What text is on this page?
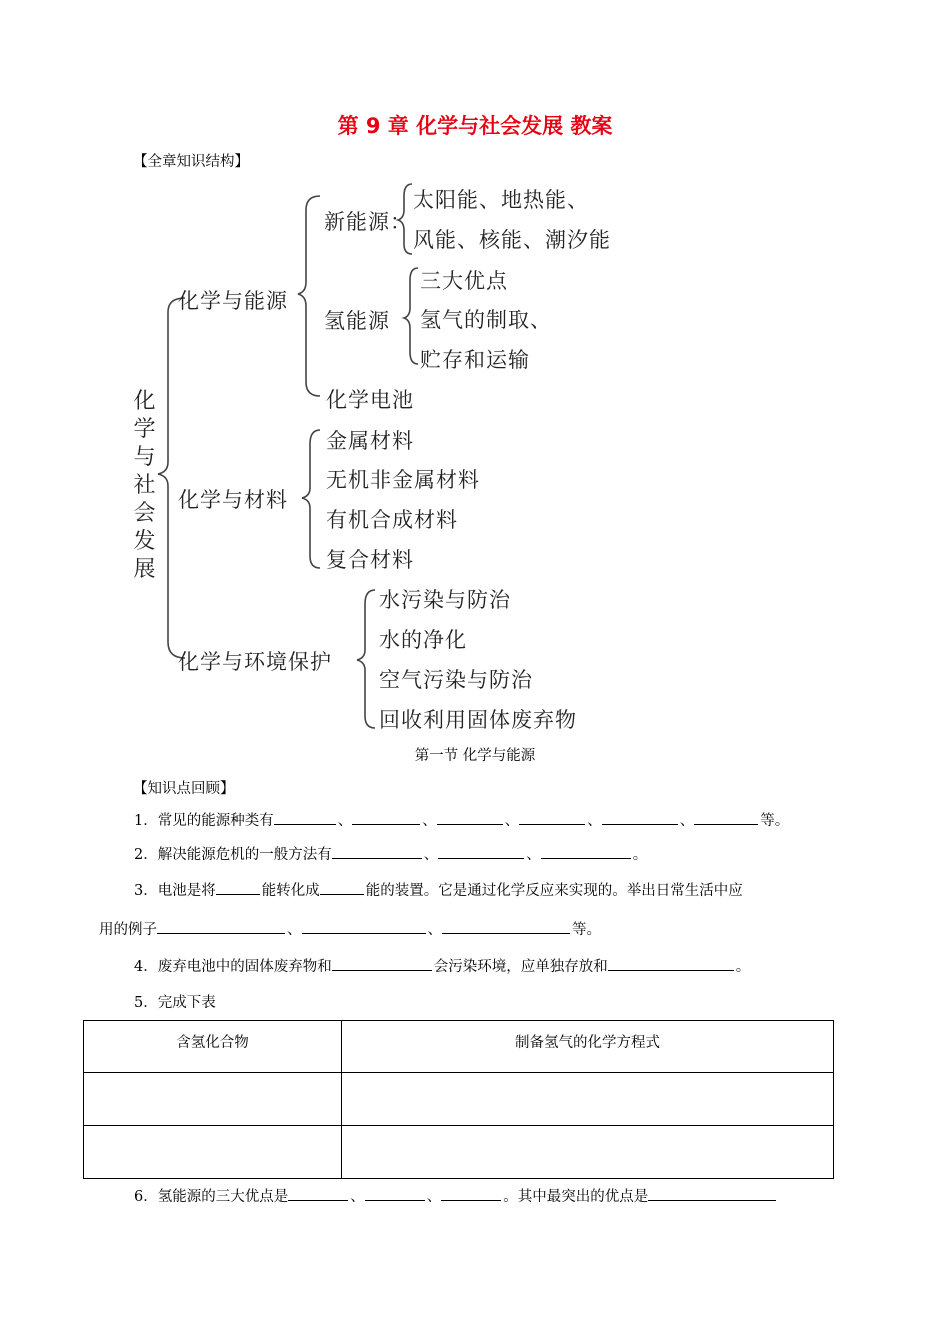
第 9 章 化学与社会发展 教案
【全章知识结构】
化学与社会发展
化学与能源
新能源：
太阳能、地热能、
风能、核能、潮汐能
氢能源
三大优点
氢气的制取、
贮存和运输
化学电池
化学与材料
金属材料
无机非金属材料
有机合成材料
复合材料
化学与环境保护
水污染与防治
水的净化
空气污染与防治
回收利用固体废弃物
第一节 化学与能源
【知识点回顾】
1．常见的能源种类有	、	、	、	、	、	等。
2．解决能源危机的一般方法有	、	、	。
3．电池是将	能转化成	能的装置。它是通过化学反应来实现的。举出日常生活中应
用的例子	、	、	等。
4．废弃电池中的固体废弃物和	会污染环境，应单独存放和	。
5．完成下表
含氢化合物	制备氢气的化学方程式

6．氢能源的三大优点是	、	、	。其中最突出的优点是
